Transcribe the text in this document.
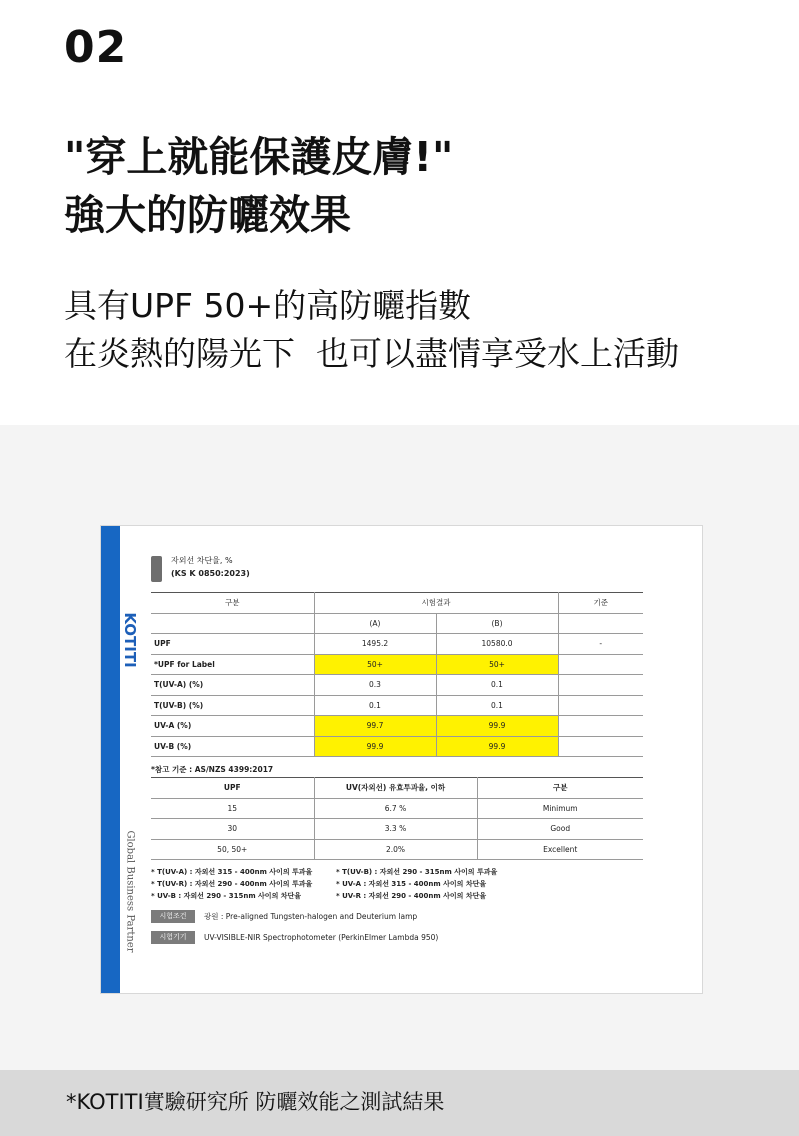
02
"穿上就能保護皮膚!"
強大的防曬效果
具有UPF 50+的高防曬指數
在炎熱的陽光下  也可以盡情享受水上活動
KOTITI
Global Business Partner
자외선 차단율, %
(KS K 0850:2023)
구분	시험결과		기준
	(A)	(B)	
UPF	1495.2	10580.0	-
*UPF for Label	50+	50+	
T(UV-A) (%)	0.3	0.1	
T(UV-B) (%)	0.1	0.1	
UV-A (%)	99.7	99.9	
UV-B (%)	99.9	99.9	
*참고 기준 : AS/NZS 4399:2017
UPF	UV(자외선) 유효투과율, 이하	구분
15	6.7 %	Minimum
30	3.3 %	Good
50, 50+	2.0%	Excellent
* T(UV-A) : 자외선 315 - 400nm 사이의 투과율	* T(UV-B) : 자외선 290 - 315nm 사이의 투과율
* T(UV-R) : 자외선 290 - 400nm 사이의 투과율	* UV-A : 자외선 315 - 400nm 사이의 차단율
* UV-B : 자외선 290 - 315nm 사이의 차단율	* UV-R : 자외선 290 - 400nm 사이의 차단율
시험조건	광원 : Pre-aligned Tungsten-halogen and Deuterium lamp
시험기기	UV-VISIBLE-NIR Spectrophotometer (PerkinElmer Lambda 950)
*KOTITI實驗研究所 防曬效能之測試結果
